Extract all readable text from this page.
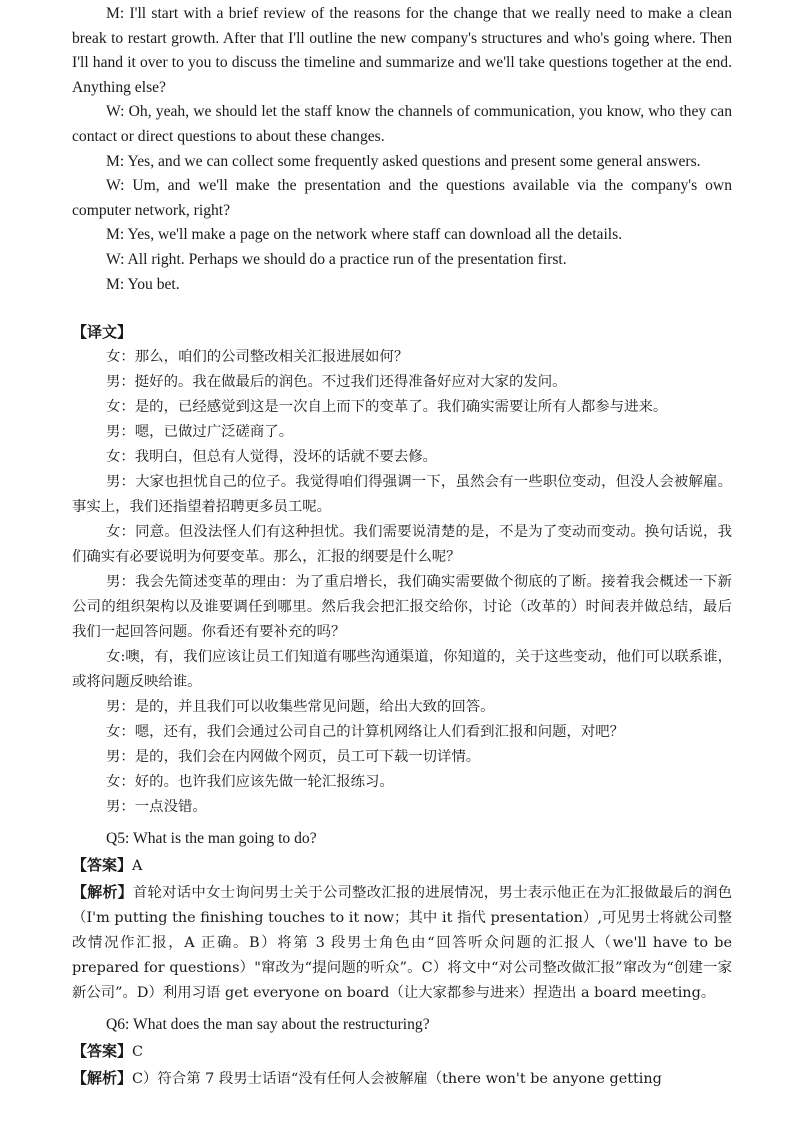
M: I'll start with a brief review of the reasons for the change that we really need to make a clean break to restart growth. After that I'll outline the new company's structures and who's going where. Then I'll hand it over to you to discuss the timeline and summarize and we'll take questions together at the end. Anything else?

W: Oh, yeah, we should let the staff know the channels of communication, you know, who they can contact or direct questions to about these changes.

M: Yes, and we can collect some frequently asked questions and present some general answers.

W: Um, and we'll make the presentation and the questions available via the company's own computer network, right?

M: Yes, we'll make a page on the network where staff can download all the details.

W: All right. Perhaps we should do a practice run of the presentation first.

M: You bet.

【译文】

女：那么，咱们的公司整改相关汇报进展如何？

男：挺好的。我在做最后的润色。不过我们还得准备好应对大家的发问。

女：是的，已经感觉到这是一次自上而下的变革了。我们确实需要让所有人都参与进来。

男：嗯，已做过广泛磋商了。

女：我明白，但总有人觉得，没坏的话就不要去修。

男：大家也担忧自己的位子。我觉得咱们得强调一下，虽然会有一些职位变动，但没人会被解雇。事实上，我们还指望着招聘更多员工呢。

女：同意。但没法怪人们有这种担忧。我们需要说清楚的是，不是为了变动而变动。换句话说，我们确实有必要说明为何要变革。那么，汇报的纲要是什么呢？

男：我会先简述变革的理由：为了重启增长，我们确实需要做个彻底的了断。接着我会概述一下新公司的组织架构以及谁要调任到哪里。然后我会把汇报交给你，讨论（改革的）时间表并做总结，最后我们一起回答问题。你看还有要补充的吗？

女:噢，有，我们应该让员工们知道有哪些沟通渠道，你知道的，关于这些变动，他们可以联系谁，或将问题反映给谁。

男：是的，并且我们可以收集些常见问题，给出大致的回答。

女：嗯，还有，我们会通过公司自己的计算机网络让人们看到汇报和问题，对吧？

男：是的，我们会在内网做个网页，员工可下载一切详情。

女：好的。也许我们应该先做一轮汇报练习。

男：一点没错。

Q5: What is the man going to do?
【答案】A

【解析】首轮对话中女士询问男士关于公司整改汇报的进展情况，男士表示他正在为汇报做最后的润色（I'm putting the finishing touches to it now；其中 it 指代 presentation）,可见男士将就公司整改情况作汇报，A 正确。B）将第 3 段男士角色由“回答听众问题的汇报人（we'll have to be prepared for questions）"窜改为“提问题的听众”。C）将文中“对公司整改做汇报”窜改为“创建一家新公司”。D）利用习语 get everyone on board（让大家都参与进来）捏造出 a board meeting。

Q6: What does the man say about the restructuring?
【答案】C

【解析】C）符合第 7 段男士话语“没有任何人会被解雇（there won't be anyone getting
